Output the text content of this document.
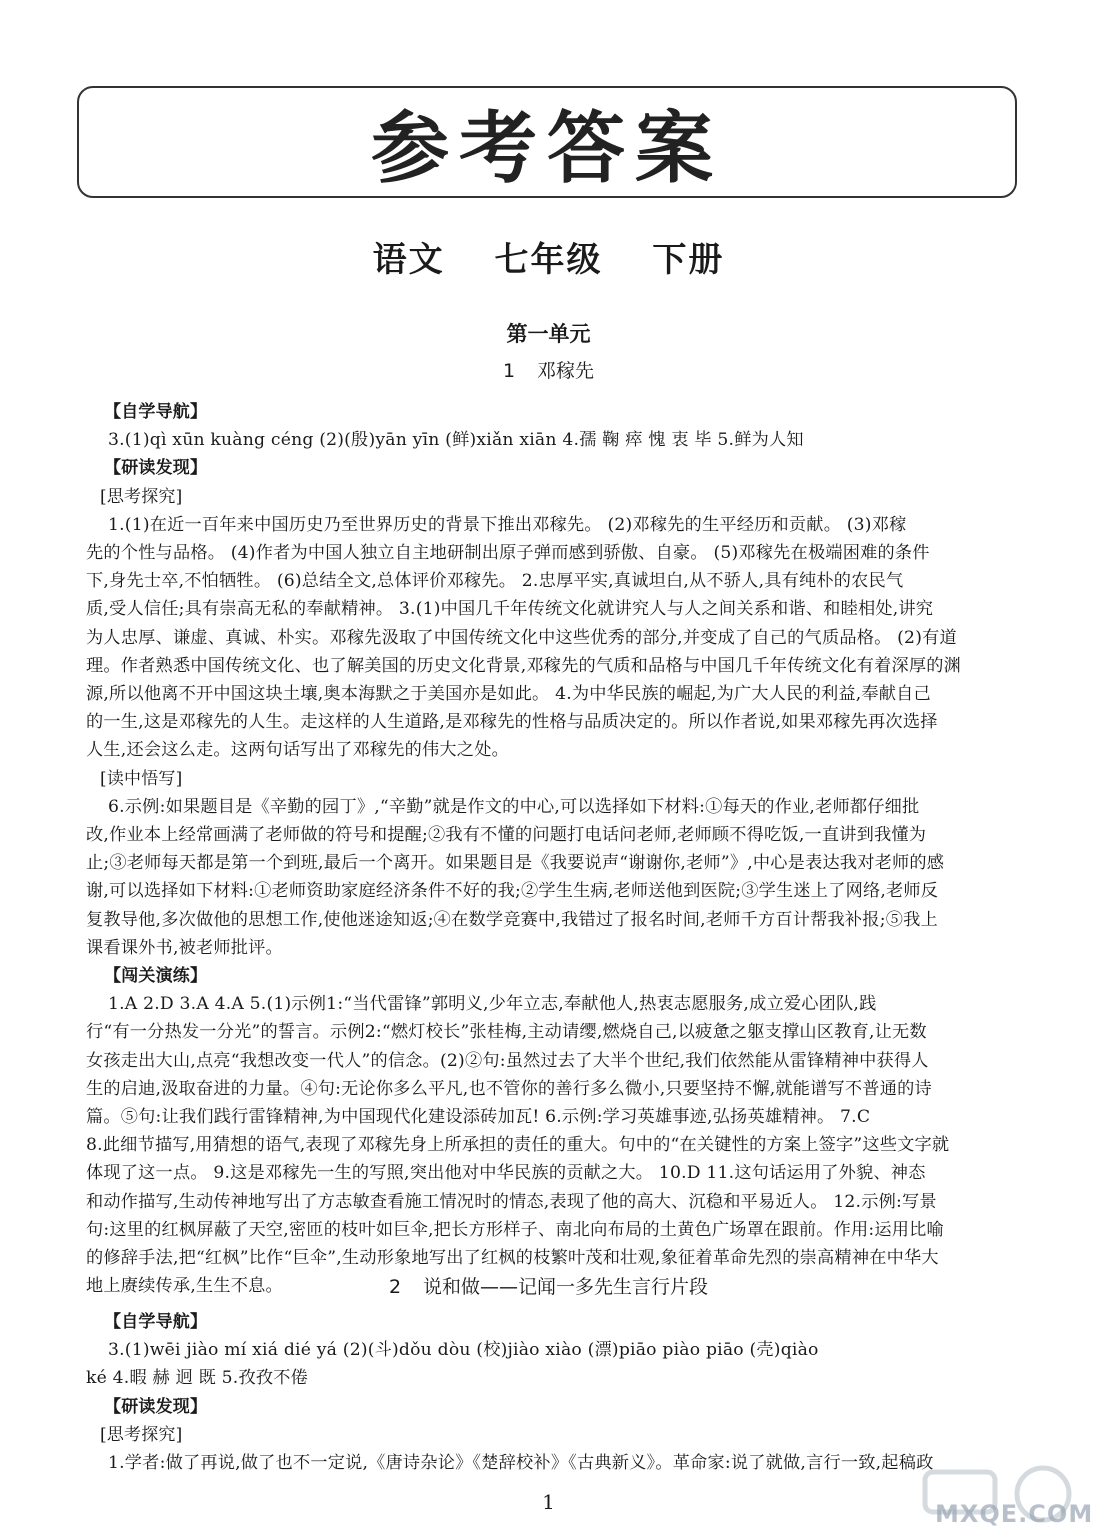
参考答案
语文 七年级 下册
第一单元
1 邓稼先

【自学导航】

3.(1)qì xūn kuàng céng (2)(殷)yān yīn (鲜)xiǎn xiān 4.孺 鞠 瘁 愧 衷 毕 5.鲜为人知

【研读发现】

[思考探究]

1.(1)在近一百年来中国历史乃至世界历史的背景下推出邓稼先。 (2)邓稼先的生平经历和贡献。 (3)邓稼

先的个性与品格。 (4)作者为中国人独立自主地研制出原子弹而感到骄傲、自豪。 (5)邓稼先在极端困难的条件

下,身先士卒,不怕牺牲。 (6)总结全文,总体评价邓稼先。 2.忠厚平实,真诚坦白,从不骄人,具有纯朴的农民气

质,受人信任;具有崇高无私的奉献精神。 3.(1)中国几千年传统文化就讲究人与人之间关系和谐、和睦相处,讲究

为人忠厚、谦虚、真诚、朴实。邓稼先汲取了中国传统文化中这些优秀的部分,并变成了自己的气质品格。 (2)有道

理。作者熟悉中国传统文化、也了解美国的历史文化背景,邓稼先的气质和品格与中国几千年传统文化有着深厚的渊

源,所以他离不开中国这块土壤,奥本海默之于美国亦是如此。 4.为中华民族的崛起,为广大人民的利益,奉献自己

的一生,这是邓稼先的人生。走这样的人生道路,是邓稼先的性格与品质决定的。所以作者说,如果邓稼先再次选择

人生,还会这么走。这两句话写出了邓稼先的伟大之处。

[读中悟写]

6.示例:如果题目是《辛勤的园丁》,“辛勤”就是作文的中心,可以选择如下材料:①每天的作业,老师都仔细批

改,作业本上经常画满了老师做的符号和提醒;②我有不懂的问题打电话问老师,老师顾不得吃饭,一直讲到我懂为

止;③老师每天都是第一个到班,最后一个离开。如果题目是《我要说声“谢谢你,老师”》,中心是表达我对老师的感

谢,可以选择如下材料:①老师资助家庭经济条件不好的我;②学生生病,老师送他到医院;③学生迷上了网络,老师反

复教导他,多次做他的思想工作,使他迷途知返;④在数学竞赛中,我错过了报名时间,老师千方百计帮我补报;⑤我上

课看课外书,被老师批评。

【闯关演练】

1.A 2.D 3.A 4.A 5.(1)示例1:“当代雷锋”郭明义,少年立志,奉献他人,热衷志愿服务,成立爱心团队,践

行“有一分热发一分光”的誓言。示例2:“燃灯校长”张桂梅,主动请缨,燃烧自己,以疲惫之躯支撑山区教育,让无数

女孩走出大山,点亮“我想改变一代人”的信念。(2)②句:虽然过去了大半个世纪,我们依然能从雷锋精神中获得人

生的启迪,汲取奋进的力量。④句:无论你多么平凡,也不管你的善行多么微小,只要坚持不懈,就能谱写不普通的诗

篇。⑤句:让我们践行雷锋精神,为中国现代化建设添砖加瓦! 6.示例:学习英雄事迹,弘扬英雄精神。 7.C

8.此细节描写,用猜想的语气,表现了邓稼先身上所承担的责任的重大。句中的“在关键性的方案上签字”这些文字就

体现了这一点。 9.这是邓稼先一生的写照,突出他对中华民族的贡献之大。 10.D 11.这句话运用了外貌、神态

和动作描写,生动传神地写出了方志敏查看施工情况时的情态,表现了他的高大、沉稳和平易近人。 12.示例:写景

句:这里的红枫屏蔽了天空,密匝的枝叶如巨伞,把长方形样子、南北向布局的土黄色广场罩在跟前。作用:运用比喻

的修辞手法,把“红枫”比作“巨伞”,生动形象地写出了红枫的枝繁叶茂和壮观,象征着革命先烈的崇高精神在中华大

地上赓续传承,生生不息。	2 说和做——记闻一多先生言行片段

【自学导航】

3.(1)wēi jiào mí xiá dié yá (2)(斗)dǒu dòu (校)jiào xiào (漂)piāo piào piāo (壳)qiào

ké 4.暇 赫 迥 既 5.孜孜不倦

【研读发现】

[思考探究]

1.学者:做了再说,做了也不一定说,《唐诗杂论》《楚辞校补》《古典新义》。革命家:说了就做,言行一致,起稿政

1	MXQE.COM
